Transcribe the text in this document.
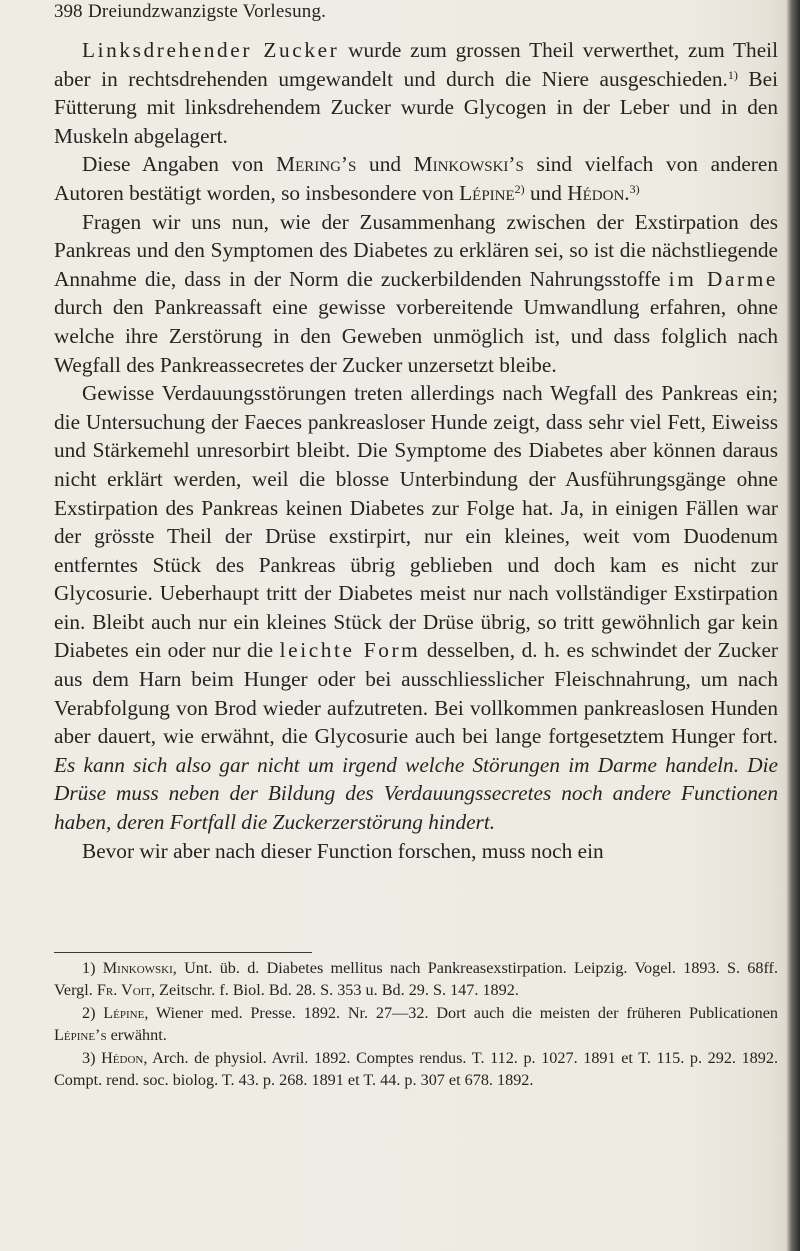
398 Dreiundzwanzigste Vorlesung.

Linksdrehender Zucker wurde zum grossen Theil verwerthet, zum Theil aber in rechtsdrehenden umgewandelt und durch die Niere ausgeschieden.$^{1)}$ Bei Fütterung mit linksdrehendem Zucker wurde Glycogen in der Leber und in den Muskeln abgelagert.

Diese Angaben von Mering’s und Minkowski’s sind vielfach von anderen Autoren bestätigt worden, so insbesondere von Lépine$^{2)}$ und Hédon.$^{3)}$

Fragen wir uns nun, wie der Zusammenhang zwischen der Exstirpation des Pankreas und den Symptomen des Diabetes zu erklären sei, so ist die nächstliegende Annahme die, dass in der Norm die zuckerbildenden Nahrungsstoffe im Darme durch den Pankreassaft eine gewisse vorbereitende Umwandlung erfahren, ohne welche ihre Zerstörung in den Geweben unmöglich ist, und dass folglich nach Wegfall des Pankreassecretes der Zucker unzersetzt bleibe.

Gewisse Verdauungsstörungen treten allerdings nach Wegfall des Pankreas ein; die Untersuchung der Faeces pankreasloser Hunde zeigt, dass sehr viel Fett, Eiweiss und Stärkemehl unresorbirt bleibt. Die Symptome des Diabetes aber können daraus nicht erklärt werden, weil die blosse Unterbindung der Ausführungsgänge ohne Exstirpation des Pankreas keinen Diabetes zur Folge hat. Ja, in einigen Fällen war der grösste Theil der Drüse exstirpirt, nur ein kleines, weit vom Duodenum entferntes Stück des Pankreas übrig geblieben und doch kam es nicht zur Glycosurie. Ueberhaupt tritt der Diabetes meist nur nach vollständiger Exstirpation ein. Bleibt auch nur ein kleines Stück der Drüse übrig, so tritt gewöhnlich gar kein Diabetes ein oder nur die leichte Form desselben, d. h. es schwindet der Zucker aus dem Harn beim Hunger oder bei ausschliesslicher Fleischnahrung, um nach Verabfolgung von Brod wieder aufzutreten. Bei vollkommen pankreaslosen Hunden aber dauert, wie erwähnt, die Glycosurie auch bei lange fortgesetztem Hunger fort. Es kann sich also gar nicht um irgend welche Störungen im Darme handeln. Die Drüse muss neben der Bildung des Verdauungssecretes noch andere Functionen haben, deren Fortfall die Zuckerzerstörung hindert.

Bevor wir aber nach dieser Function forschen, muss noch ein

1) Minkowski, Unt. üb. d. Diabetes mellitus nach Pankreasexstirpation. Leipzig. Vogel. 1893. S. 68ff. Vergl. Fr. Voit, Zeitschr. f. Biol. Bd. 28. S. 353 u. Bd. 29. S. 147. 1892.

2) Lépine, Wiener med. Presse. 1892. Nr. 27—32. Dort auch die meisten der früheren Publicationen Lépine’s erwähnt.

3) Hédon, Arch. de physiol. Avril. 1892. Comptes rendus. T. 112. p. 1027. 1891 et T. 115. p. 292. 1892. Compt. rend. soc. biolog. T. 43. p. 268. 1891 et T. 44. p. 307 et 678. 1892.
